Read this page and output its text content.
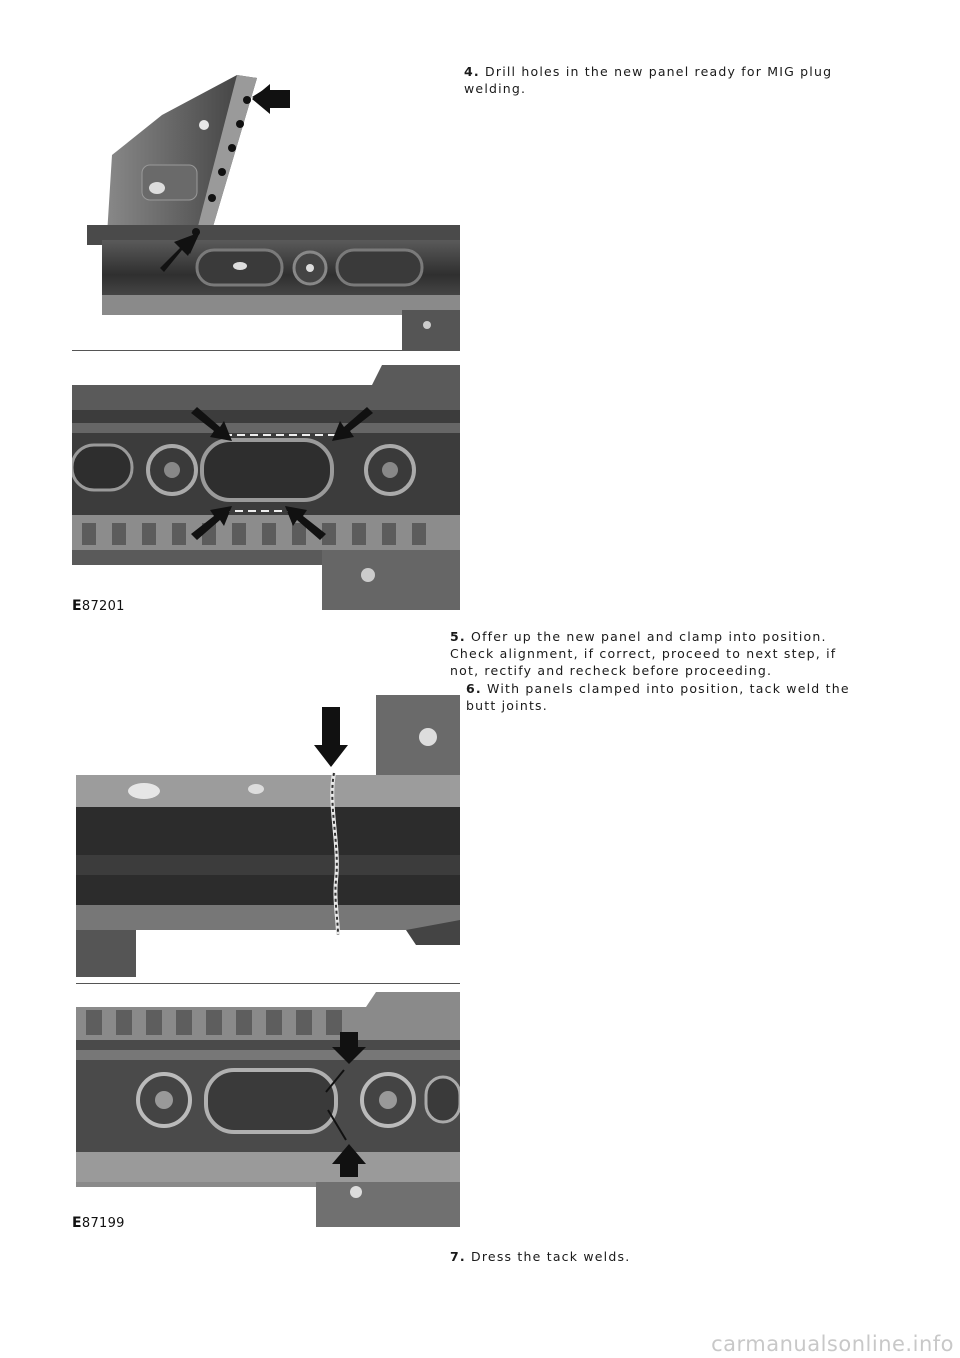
4. Drill holes in the new panel ready for MIG plug welding.
E87201
5. Offer up the new panel and clamp into position. Check alignment, if correct, proceed to next step, if not, rectify and recheck before proceeding.
6. With panels clamped into position, tack weld the butt joints.
E87199
7. Dress the tack welds.
carmanualsonline.info
